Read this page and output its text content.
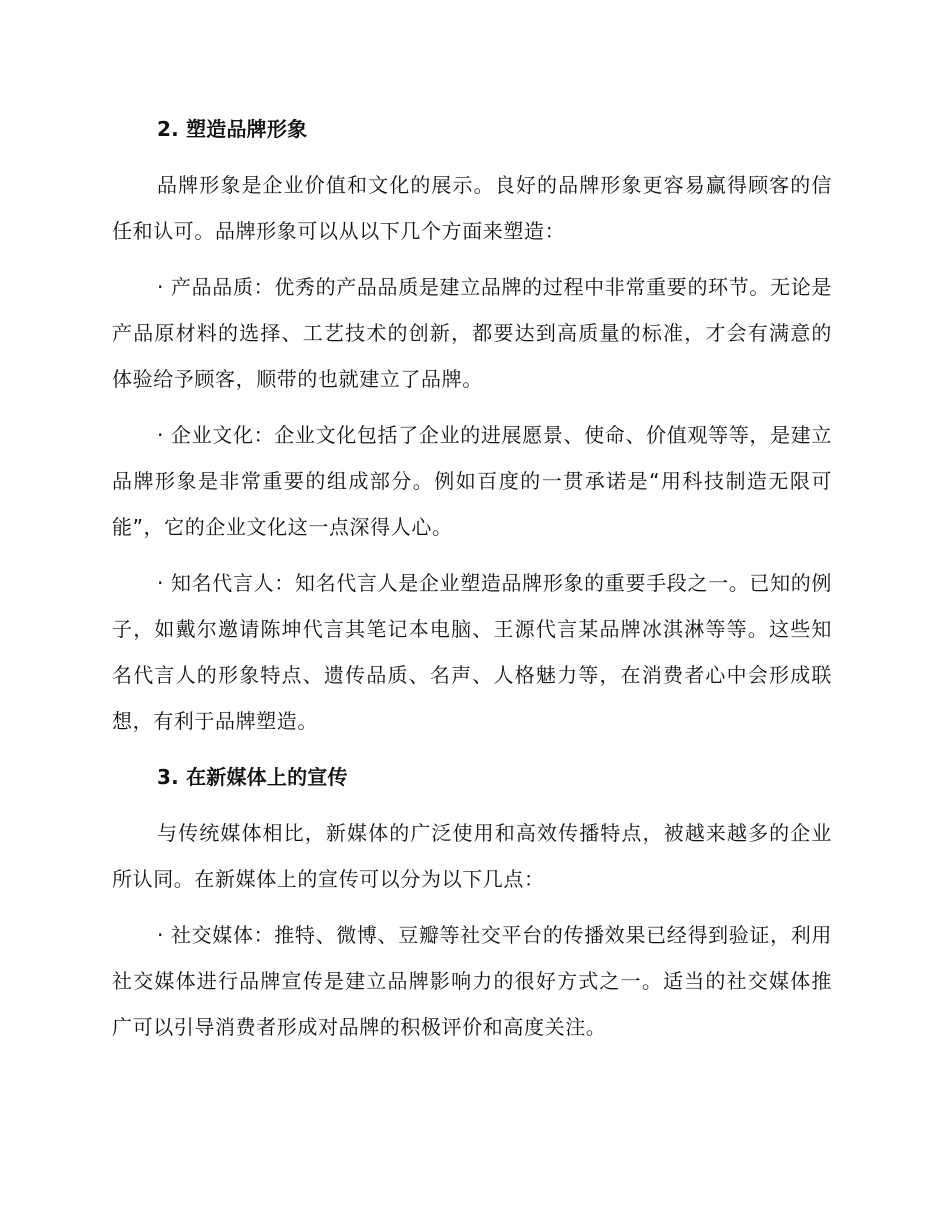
2. 塑造品牌形象

品牌形象是企业价值和文化的展示。良好的品牌形象更容易赢得顾客的信任和认可。品牌形象可以从以下几个方面来塑造：

· 产品品质：优秀的产品品质是建立品牌的过程中非常重要的环节。无论是产品原材料的选择、工艺技术的创新，都要达到高质量的标准，才会有满意的体验给予顾客，顺带的也就建立了品牌。

· 企业文化：企业文化包括了企业的进展愿景、使命、价值观等等，是建立品牌形象是非常重要的组成部分。例如百度的一贯承诺是“用科技制造无限可能”，它的企业文化这一点深得人心。

· 知名代言人：知名代言人是企业塑造品牌形象的重要手段之一。已知的例子，如戴尔邀请陈坤代言其笔记本电脑、王源代言某品牌冰淇淋等等。这些知名代言人的形象特点、遗传品质、名声、人格魅力等，在消费者心中会形成联想，有利于品牌塑造。

3. 在新媒体上的宣传

与传统媒体相比，新媒体的广泛使用和高效传播特点，被越来越多的企业所认同。在新媒体上的宣传可以分为以下几点：

· 社交媒体：推特、微博、豆瓣等社交平台的传播效果已经得到验证，利用社交媒体进行品牌宣传是建立品牌影响力的很好方式之一。适当的社交媒体推广可以引导消费者形成对品牌的积极评价和高度关注。
